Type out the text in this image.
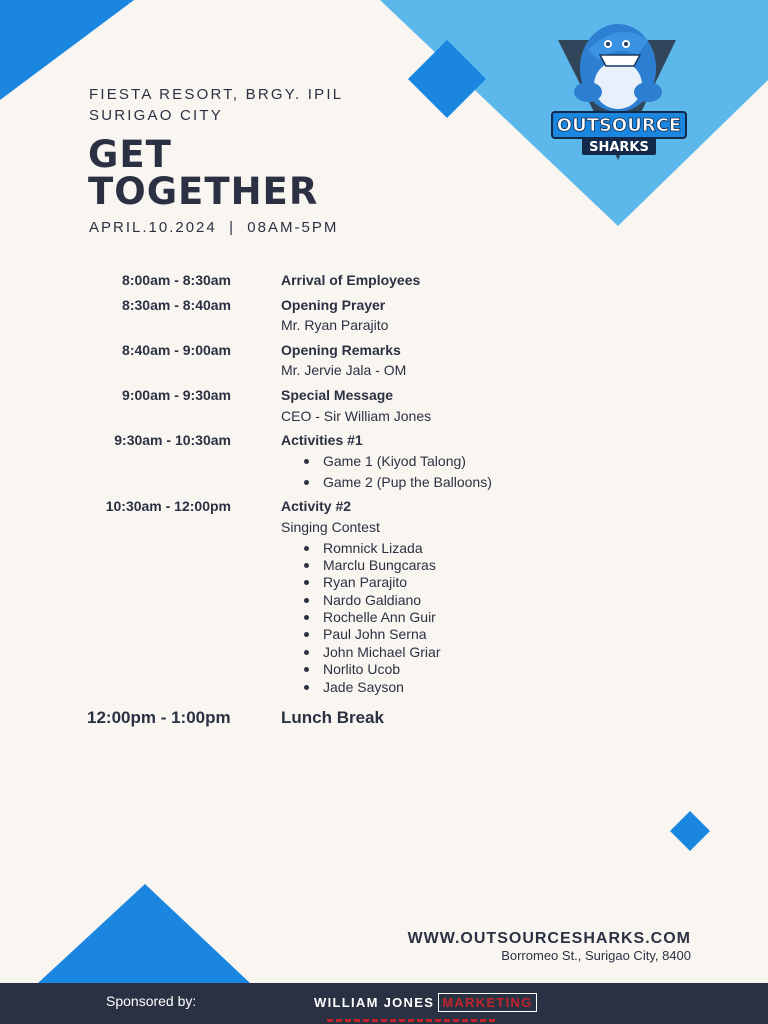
OUTSOURCE
SHARKS
FIESTA RESORT, BRGY. IPIL
SURIGAO CITY
GET
TOGETHER
APRIL.10.2024  |  08AM-5PM
8:00am - 8:30am	Arrival of Employees
8:30am - 8:40am	Opening Prayer
Mr. Ryan Parajito
8:40am - 9:00am	Opening Remarks
Mr. Jervie Jala - OM
9:00am - 9:30am	Special Message
CEO - Sir William Jones
9:30am - 10:30am	Activities #1
Game 1 (Kiyod Talong)
Game 2 (Pup the Balloons)
10:30am - 12:00pm	Activity #2
Singing Contest
Romnick Lizada
Marclu Bungcaras
Ryan Parajito
Nardo Galdiano
Rochelle Ann Guir
Paul John Serna
John Michael Griar
Norlito Ucob
Jade Sayson
12:00pm - 1:00pm	Lunch Break
WWW.OUTSOURCESHARKS.COM
Borromeo St., Surigao City, 8400
Sponsored by:	WILLIAM JONES MARKETING
